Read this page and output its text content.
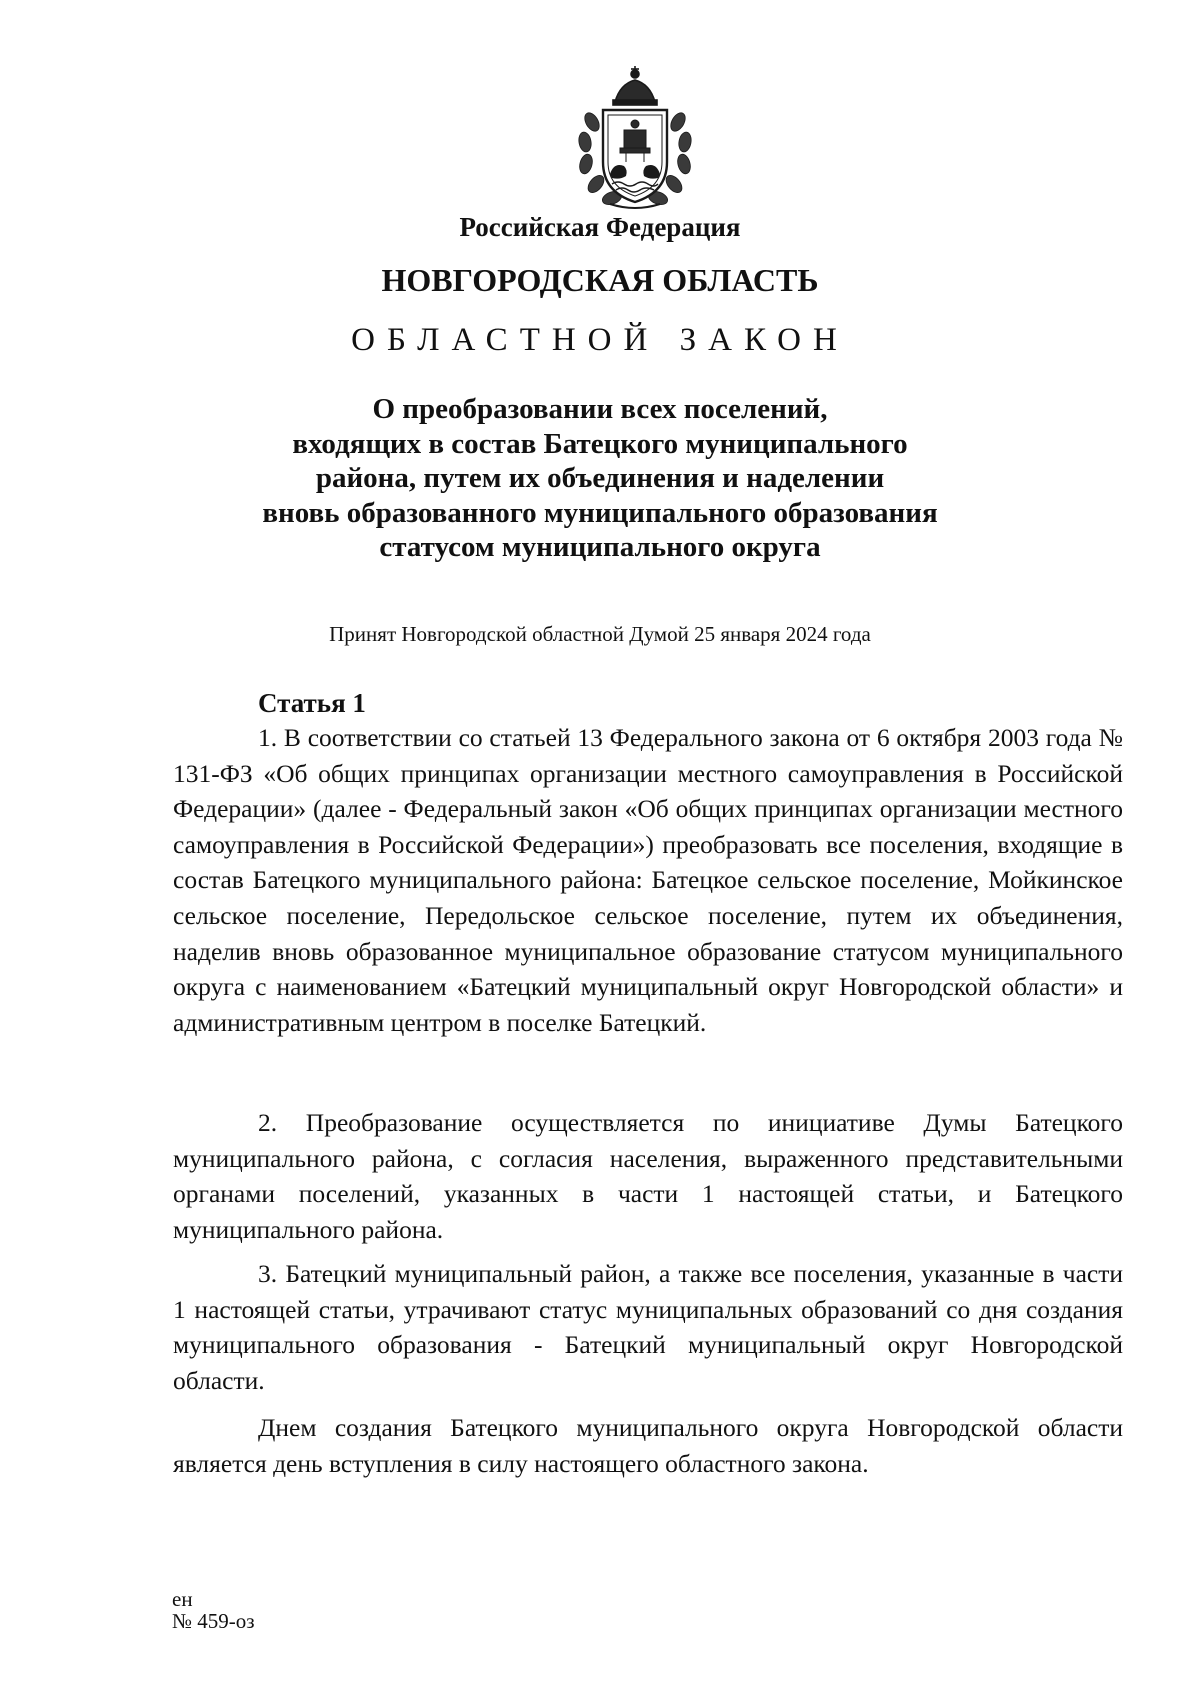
Российская Федерация
НОВГОРОДСКАЯ ОБЛАСТЬ
ОБЛАСТНОЙ ЗАКОН
О преобразовании всех поселений,
входящих в состав Батецкого муниципального
района, путем их объединения и наделении
вновь образованного муниципального образования
статусом муниципального округа
Принят Новгородской областной Думой 25 января 2024 года
Статья 1

1. В соответствии со статьей 13 Федерального закона от 6 октября 2003 года № 131-ФЗ «Об общих принципах организации местного самоуправления в Российской Федерации» (далее - Федеральный закон «Об общих принципах организации местного самоуправления в Российской Федерации») преобразовать все поселения, входящие в состав Батецкого муниципального района: Батецкое сельское поселение, Мойкинское сельское поселение, Передольское сельское поселение, путем их объединения, наделив вновь образованное муниципальное образование статусом муниципального округа с наименованием «Батецкий муниципальный округ Новгородской области» и административным центром в поселке Батецкий.

2. Преобразование осуществляется по инициативе Думы Батецкого муниципального района, с согласия населения, выраженного представительными органами поселений, указанных в части 1 настоящей статьи, и Батецкого муниципального района.

3. Батецкий муниципальный район, а также все поселения, указанные в части 1 настоящей статьи, утрачивают статус муниципальных образований со дня создания муниципального образования - Батецкий муниципальный округ Новгородской области.

Днем создания Батецкого муниципального округа Новгородской области является день вступления в силу настоящего областного закона.

ен
№ 459-оз
